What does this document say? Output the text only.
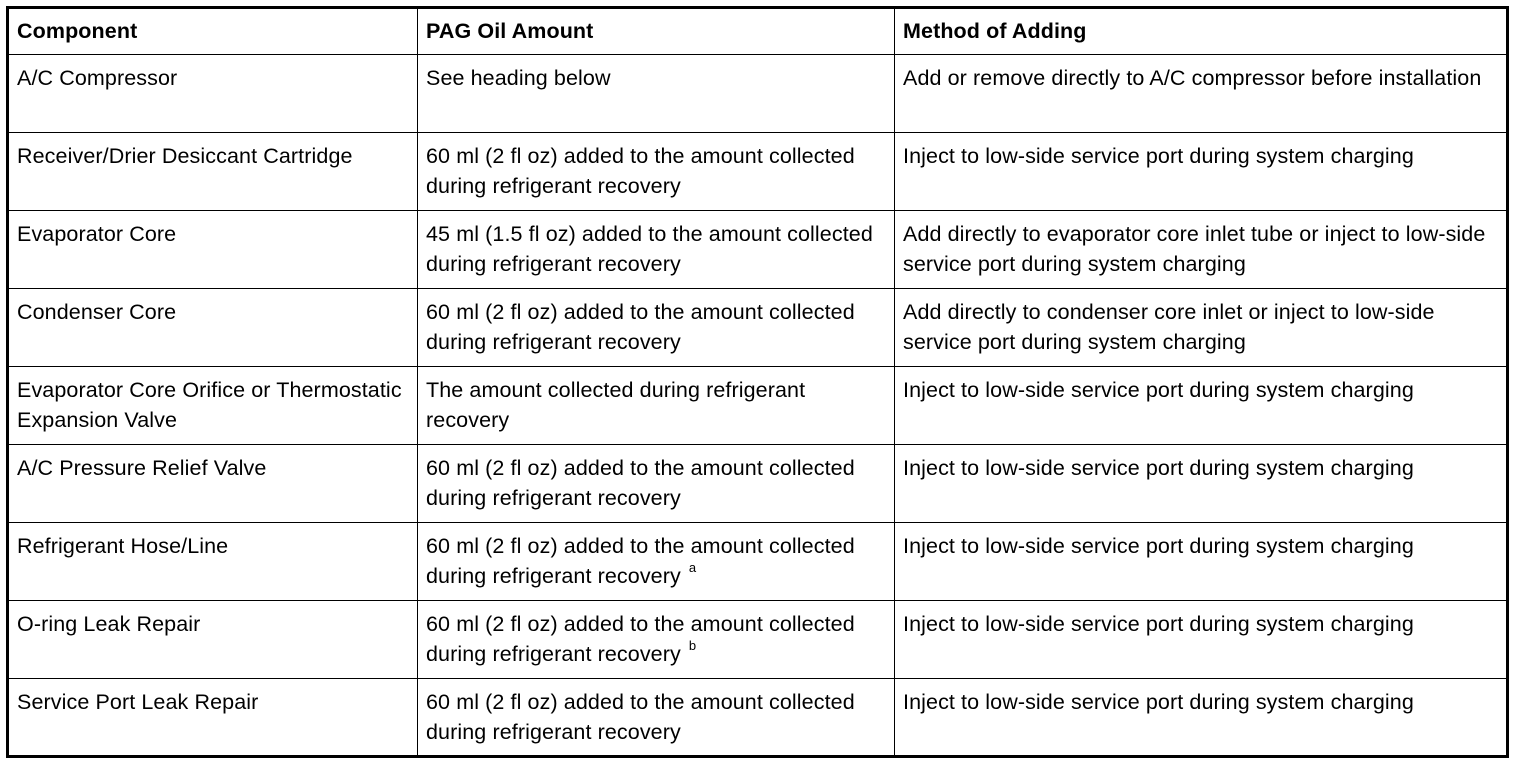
Component	PAG Oil Amount	Method of Adding
A/C Compressor	See heading below	Add or remove directly to A/C compressor before installation
Receiver/Drier Desiccant Cartridge	60 ml (2 fl oz) added to the amount collected during refrigerant recovery	Inject to low-side service port during system charging
Evaporator Core	45 ml (1.5 fl oz) added to the amount collected during refrigerant recovery	Add directly to evaporator core inlet tube or inject to low-side service port during system charging
Condenser Core	60 ml (2 fl oz) added to the amount collected during refrigerant recovery	Add directly to condenser core inlet or inject to low-side service port during system charging
Evaporator Core Orifice or Thermostatic Expansion Valve	The amount collected during refrigerant recovery	Inject to low-side service port during system charging
A/C Pressure Relief Valve	60 ml (2 fl oz) added to the amount collected during refrigerant recovery	Inject to low-side service port during system charging
Refrigerant Hose/Line	60 ml (2 fl oz) added to the amount collected during refrigerant recovery $^a$	Inject to low-side service port during system charging
O-ring Leak Repair	60 ml (2 fl oz) added to the amount collected during refrigerant recovery $^b$	Inject to low-side service port during system charging
Service Port Leak Repair	60 ml (2 fl oz) added to the amount collected during refrigerant recovery	Inject to low-side service port during system charging
